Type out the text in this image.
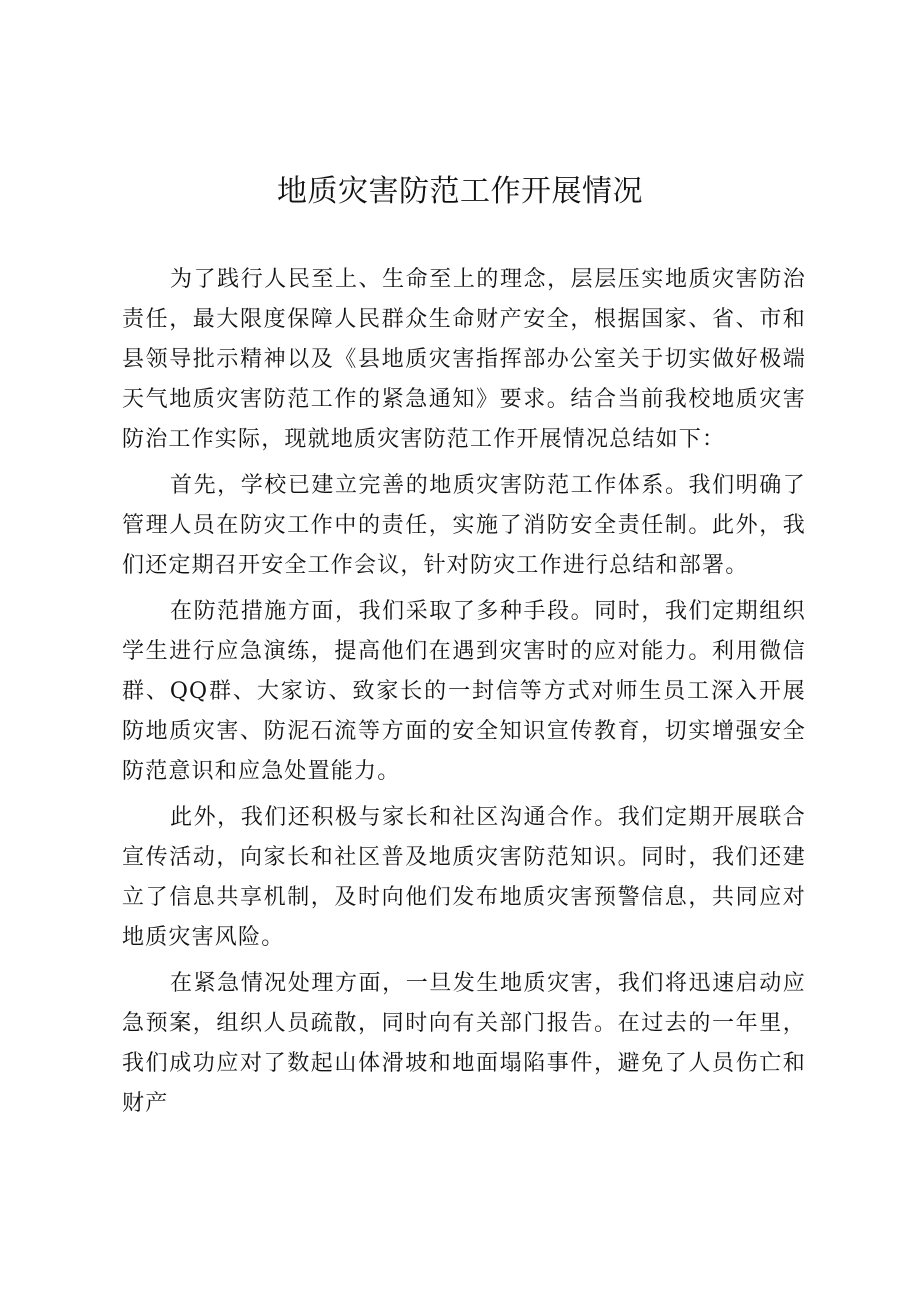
地质灾害防范工作开展情况

为了践行人民至上、生命至上的理念，层层压实地质灾害防治责任，最大限度保障人民群众生命财产安全，根据国家、省、市和县领导批示精神以及《县地质灾害指挥部办公室关于切实做好极端天气地质灾害防范工作的紧急通知》要求。结合当前我校地质灾害防治工作实际，现就地质灾害防范工作开展情况总结如下：

首先，学校已建立完善的地质灾害防范工作体系。我们明确了管理人员在防灾工作中的责任，实施了消防安全责任制。此外，我们还定期召开安全工作会议，针对防灾工作进行总结和部署。

在防范措施方面，我们采取了多种手段。同时，我们定期组织学生进行应急演练，提高他们在遇到灾害时的应对能力。利用微信群、QQ群、大家访、致家长的一封信等方式对师生员工深入开展防地质灾害、防泥石流等方面的安全知识宣传教育，切实增强安全防范意识和应急处置能力。

此外，我们还积极与家长和社区沟通合作。我们定期开展联合宣传活动，向家长和社区普及地质灾害防范知识。同时，我们还建立了信息共享机制，及时向他们发布地质灾害预警信息，共同应对地质灾害风险。

在紧急情况处理方面，一旦发生地质灾害，我们将迅速启动应急预案，组织人员疏散，同时向有关部门报告。在过去的一年里，我们成功应对了数起山体滑坡和地面塌陷事件，避免了人员伤亡和财产
